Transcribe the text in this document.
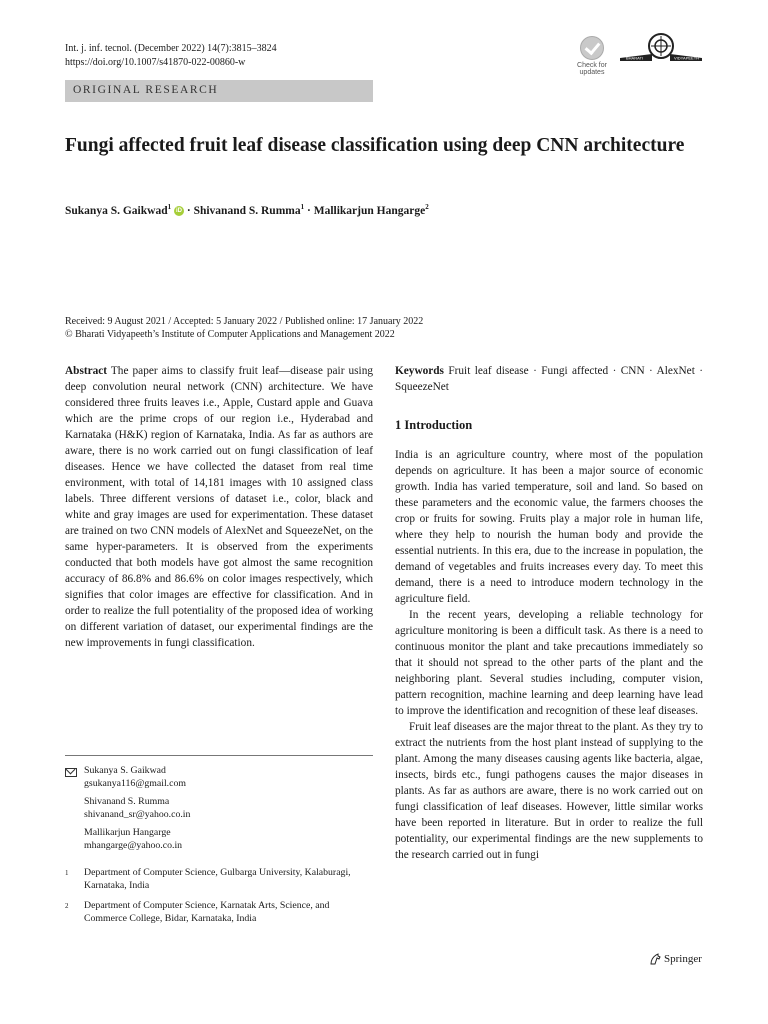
Int. j. inf. tecnol. (December 2022) 14(7):3815–3824
https://doi.org/10.1007/s41870-022-00860-w	Check for updates
BHARATI	VIDYAPEETH
ORIGINAL RESEARCH
Fungi affected fruit leaf disease classification using deep CNN architecture
Sukanya S. Gaikwad$^1$ iD · Shivanand S. Rumma$^1$ · Mallikarjun Hangarge$^2$
Received: 9 August 2021 / Accepted: 5 January 2022 / Published online: 17 January 2022
© Bharati Vidyapeeth’s Institute of Computer Applications and Management 2022

Abstract The paper aims to classify fruit leaf—disease pair using deep convolution neural network (CNN) architecture. We have considered three fruits leaves i.e., Apple, Custard apple and Guava which are the prime crops of our region i.e., Hyderabad and Karnataka (H&K) region of Karnataka, India. As far as authors are aware, there is no work carried out on fungi classification of leaf diseases. Hence we have collected the dataset from real time environment, with total of 14,181 images with 10 assigned class labels. Three different versions of dataset i.e., color, black and white and gray images are used for experimentation. These dataset are trained on two CNN models of AlexNet and SqueezeNet, on the same hyper-parameters. It is observed from the experiments conducted that both models have got almost the same recognition accuracy of 86.8% and 86.6% on color images respectively, which signifies that color images are effective for classification. And in order to realize the full potentiality of the proposed idea of working on different variation of dataset, our experimental findings are the new improvements in fungi classification.

Keywords Fruit leaf disease · Fungi affected · CNN · AlexNet · SqueezeNet

1 Introduction

India is an agriculture country, where most of the population depends on agriculture. It has been a major source of economic growth. India has varied temperature, soil and land. So based on these parameters and the economic value, the farmers chooses the crop or fruits for sowing. Fruits play a major role in human life, where they help to nourish the human body and provide the essential nutrients. In this era, due to the increase in population, the demand of vegetables and fruits increases every day. To meet this demand, there is a need to introduce modern technology in the agriculture field.

In the recent years, developing a reliable technology for agriculture monitoring is been a difficult task. As there is a need to continuous monitor the plant and take precautions immediately so that it should not spread to the other parts of the plant and the neighboring plant. Several studies including, computer vision, pattern recognition, machine learning and deep learning have lead to improve the identification and recognition of these leaf diseases.

Fruit leaf diseases are the major threat to the plant. As they try to extract the nutrients from the host plant instead of supplying to the plant. Among the many diseases causing agents like bacteria, algae, insects, birds etc., fungi pathogens causes the major diseases in plants. As far as authors are aware, there is no work carried out on fungi classification of leaf diseases. However, little similar works have been reported in literature. But in order to realize the full potentiality, our experimental findings are the new supplements to the research carried out in fungi

Sukanya S. Gaikwad
gsukanya116@gmail.com
Shivanand S. Rumma
shivanand_sr@yahoo.co.in
Mallikarjun Hangarge
mhangarge@yahoo.co.in
1 Department of Computer Science, Gulbarga University, Kalaburagi, Karnataka, India
2 Department of Computer Science, Karnatak Arts, Science, and Commerce College, Bidar, Karnataka, India
Springer
